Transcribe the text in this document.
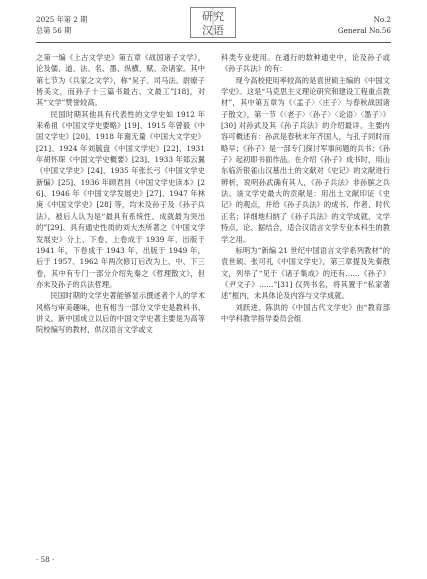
2025 年第 2 期
总第 56 期
研究
汉语
No.2
General No.56

之第一编《上古文学史》第五章《战国诸子文学》，论及儒、道、法、名、墨、纵横、赋、杂诸家。其中第七节为《兵家之文学》，称“吴子、司马法、尉缭子皆美文，而孙子十三篇书最古、文最工”[18]，对其“文学”赞誉较高。

民国时期其他具有代表性的文学史如 1912 年来希祖《中国文学史要略》[19]、1915 年曾毅《中国文学史》[20]、1918 年谢无量《中国大文学史》[21]、1924 年刘毓盘《中国文学史》[22]、1931 年胡怀琛《中国文学史概要》[23]、1933 年郑云翼《中国文学史》[24]、1935 年张长弓《中国文学史新编》[25]、1936 年顾君昌《中国文学史读本》[26]、1946 年《中国文学发展史》[27]、1947 年林庚《中国文学史》[28] 等，均未及孙子及《孙子兵法》。被后人认为是“最具有系统性、成就最为突出的”[29]、具有通史性质的刘大杰所著之《中国文学发展史》分上、下卷，上卷成于 1939 年、出版于 1941 年，下卷成于 1943 年、出版于 1949 年，后于 1957、1962 年两次修订后改为上、中、下三卷，其中有专门一部分介绍先秦之《哲理散文》，但亦未及孙子的兵法哲理。

民国时期的文学史著能够显示撰述者个人的学术风格与审美趣味，也有相当一部分文学史是教科书、讲义。新中国成立以后的中国文学史著主要是为高等院校编写的教材，供汉语言文学或文

科类专业使用。在通行的数种通史中，论及孙子或《孙子兵法》的有：

现今高校使用率较高的是袁世硕主编的《中国文学史》。这是“马克思主义理论研究和建设工程重点教材”，其中第五章为《〈孟子〉〈庄子〉与春秋战国诸子散文》，第一节《〈老子〉〈孙子〉〈论语〉〈墨子〉》[30] 对孙武及其《孙子兵法》的介绍最详。主要内容可概述有：孙武是春秋末年齐国人，与孔子同时而略早；《孙子》是一部专门探讨军事问题的兵书；《孙子》起初即书面作品。在介绍《孙子》成书时，用山东临沂银雀山汉墓出土的文献对《史记》的文献进行辨析，说明孙武确有其人，《孙子兵法》非孙膑之兵法。该文学史最大的贡献是：用出土文献印证《史记》的观点，并给《孙子兵法》的成书、作者、时代正名；详细地归纳了《孙子兵法》的文学成就、文学特点，论、据结合，适合汉语言文学专业本科生的教学之用。

标明为“新编 21 世纪中国语言文学系列教材”的袁世硕、张可礼《中国文学史》，第三章提及先秦散文，列举了“见于《诸子集成》的还有……《孙子》《尹文子》……”[31] 仅列书名，将其置于“私家著述”框内，未具体论及内容与文学成就。

刘跃进、陈洪的《中国古代文学史》由“教育部中学科教学指导委员会组

· 58 ·
